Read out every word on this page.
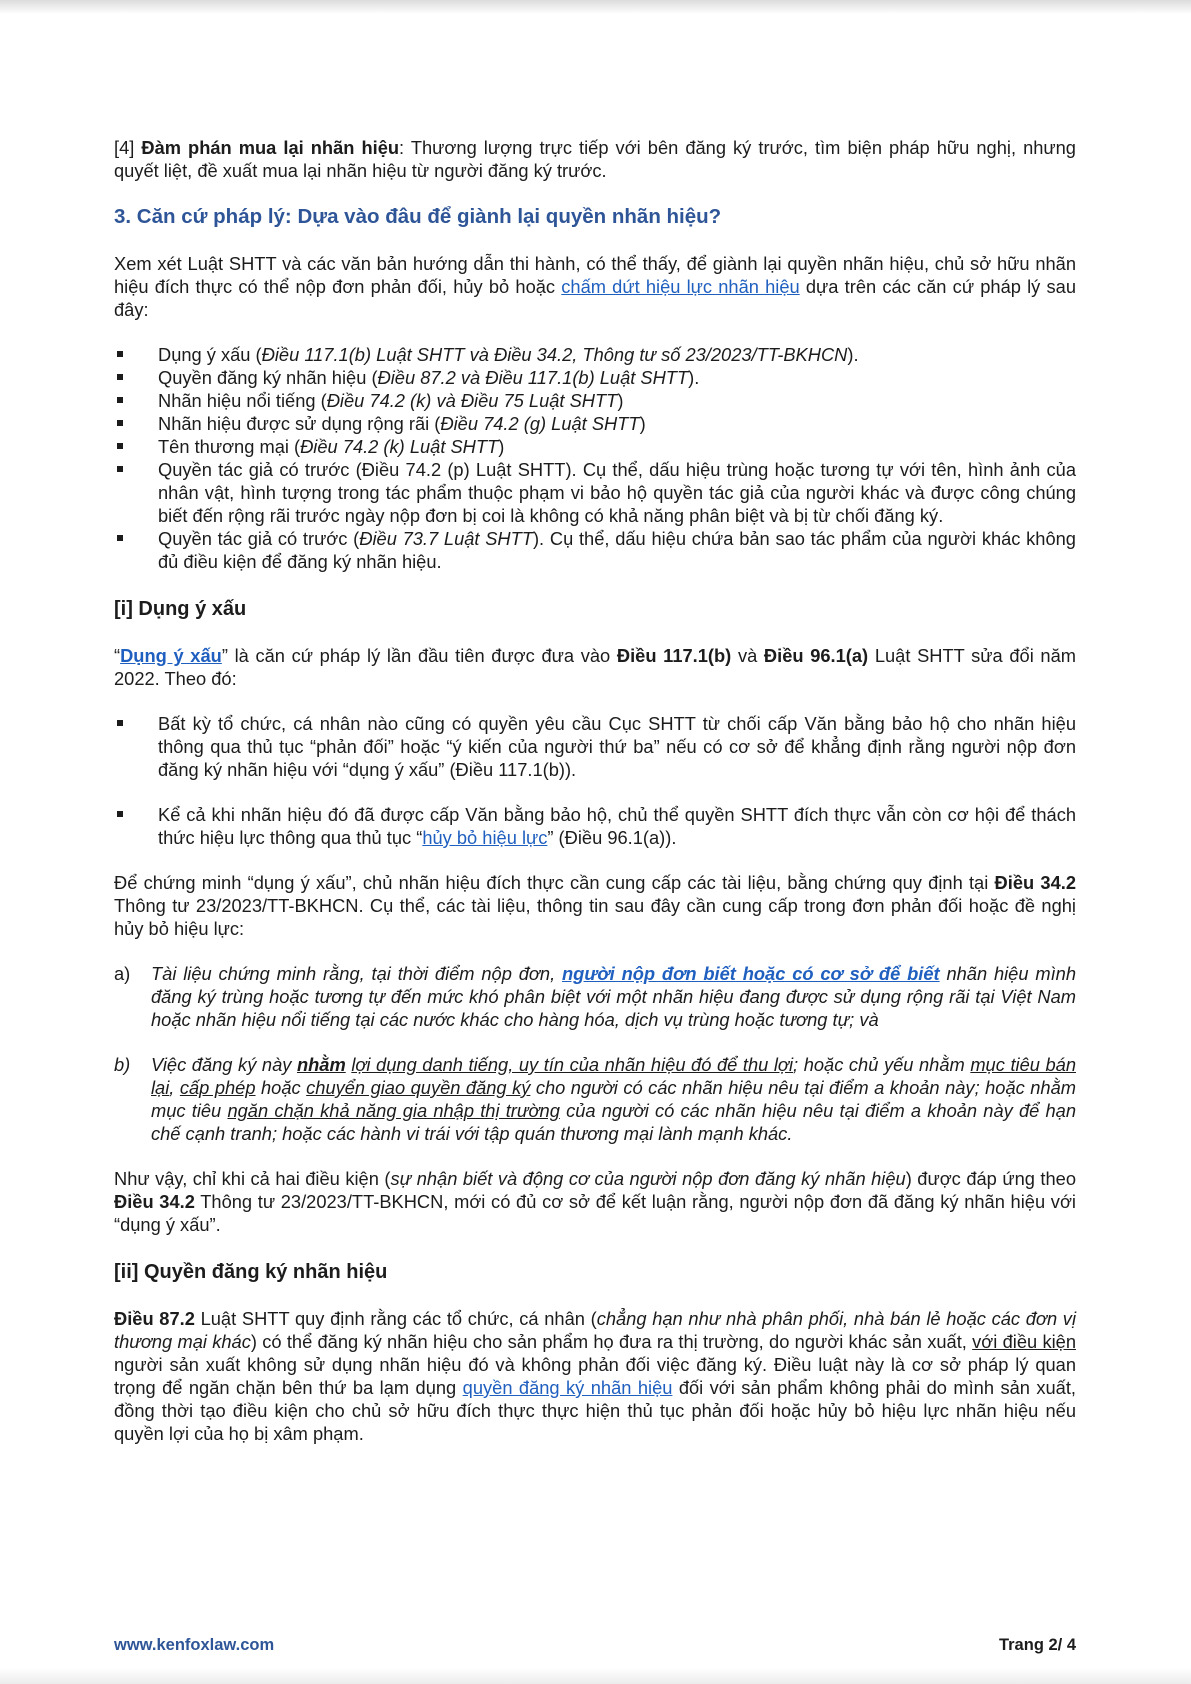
[4] Đàm phán mua lại nhãn hiệu: Thương lượng trực tiếp với bên đăng ký trước, tìm biện pháp hữu nghị, nhưng quyết liệt, đề xuất mua lại nhãn hiệu từ người đăng ký trước.

3. Căn cứ pháp lý: Dựa vào đâu để giành lại quyền nhãn hiệu?

Xem xét Luật SHTT và các văn bản hướng dẫn thi hành, có thể thấy, để giành lại quyền nhãn hiệu, chủ sở hữu nhãn hiệu đích thực có thể nộp đơn phản đối, hủy bỏ hoặc chấm dứt hiệu lực nhãn hiệu dựa trên các căn cứ pháp lý sau đây:

Dụng ý xấu (Điều 117.1(b) Luật SHTT và Điều 34.2, Thông tư số 23/2023/TT-BKHCN).
Quyền đăng ký nhãn hiệu (Điều 87.2 và Điều 117.1(b) Luật SHTT).
Nhãn hiệu nổi tiếng (Điều 74.2 (k) và Điều 75 Luật SHTT)
Nhãn hiệu được sử dụng rộng rãi (Điều 74.2 (g) Luật SHTT)
Tên thương mại (Điều 74.2 (k) Luật SHTT)
Quyền tác giả có trước (Điều 74.2 (p) Luật SHTT). Cụ thể, dấu hiệu trùng hoặc tương tự với tên, hình ảnh của nhân vật, hình tượng trong tác phẩm thuộc phạm vi bảo hộ quyền tác giả của người khác và được công chúng biết đến rộng rãi trước ngày nộp đơn bị coi là không có khả năng phân biệt và bị từ chối đăng ký.
Quyền tác giả có trước (Điều 73.7 Luật SHTT). Cụ thể, dấu hiệu chứa bản sao tác phẩm của người khác không đủ điều kiện để đăng ký nhãn hiệu.

[i] Dụng ý xấu

“Dụng ý xấu” là căn cứ pháp lý lần đầu tiên được đưa vào Điều 117.1(b) và Điều 96.1(a) Luật SHTT sửa đổi năm 2022. Theo đó:

Bất kỳ tổ chức, cá nhân nào cũng có quyền yêu cầu Cục SHTT từ chối cấp Văn bằng bảo hộ cho nhãn hiệu thông qua thủ tục “phản đối” hoặc “ý kiến của người thứ ba” nếu có cơ sở để khẳng định rằng người nộp đơn đăng ký nhãn hiệu với “dụng ý xấu” (Điều 117.1(b)).
Kể cả khi nhãn hiệu đó đã được cấp Văn bằng bảo hộ, chủ thể quyền SHTT đích thực vẫn còn cơ hội để thách thức hiệu lực thông qua thủ tục “hủy bỏ hiệu lực” (Điều 96.1(a)).

Để chứng minh “dụng ý xấu”, chủ nhãn hiệu đích thực cần cung cấp các tài liệu, bằng chứng quy định tại Điều 34.2 Thông tư 23/2023/TT-BKHCN. Cụ thể, các tài liệu, thông tin sau đây cần cung cấp trong đơn phản đối hoặc đề nghị hủy bỏ hiệu lực:

a) Tài liệu chứng minh rằng, tại thời điểm nộp đơn, người nộp đơn biết hoặc có cơ sở để biết nhãn hiệu mình đăng ký trùng hoặc tương tự đến mức khó phân biệt với một nhãn hiệu đang được sử dụng rộng rãi tại Việt Nam hoặc nhãn hiệu nổi tiếng tại các nước khác cho hàng hóa, dịch vụ trùng hoặc tương tự; và
b) Việc đăng ký này nhằm lợi dụng danh tiếng, uy tín của nhãn hiệu đó để thu lợi; hoặc chủ yếu nhằm mục tiêu bán lại, cấp phép hoặc chuyển giao quyền đăng ký cho người có các nhãn hiệu nêu tại điểm a khoản này; hoặc nhằm mục tiêu ngăn chặn khả năng gia nhập thị trường của người có các nhãn hiệu nêu tại điểm a khoản này để hạn chế cạnh tranh; hoặc các hành vi trái với tập quán thương mại lành mạnh khác.

Như vậy, chỉ khi cả hai điều kiện (sự nhận biết và động cơ của người nộp đơn đăng ký nhãn hiệu) được đáp ứng theo Điều 34.2 Thông tư 23/2023/TT-BKHCN, mới có đủ cơ sở để kết luận rằng, người nộp đơn đã đăng ký nhãn hiệu với “dụng ý xấu”.

[ii] Quyền đăng ký nhãn hiệu

Điều 87.2 Luật SHTT quy định rằng các tổ chức, cá nhân (chẳng hạn như nhà phân phối, nhà bán lẻ hoặc các đơn vị thương mại khác) có thể đăng ký nhãn hiệu cho sản phẩm họ đưa ra thị trường, do người khác sản xuất, với điều kiện người sản xuất không sử dụng nhãn hiệu đó và không phản đối việc đăng ký. Điều luật này là cơ sở pháp lý quan trọng để ngăn chặn bên thứ ba lạm dụng quyền đăng ký nhãn hiệu đối với sản phẩm không phải do mình sản xuất, đồng thời tạo điều kiện cho chủ sở hữu đích thực thực hiện thủ tục phản đối hoặc hủy bỏ hiệu lực nhãn hiệu nếu quyền lợi của họ bị xâm phạm.

www.kenfoxlaw.com	Trang 2/ 4
